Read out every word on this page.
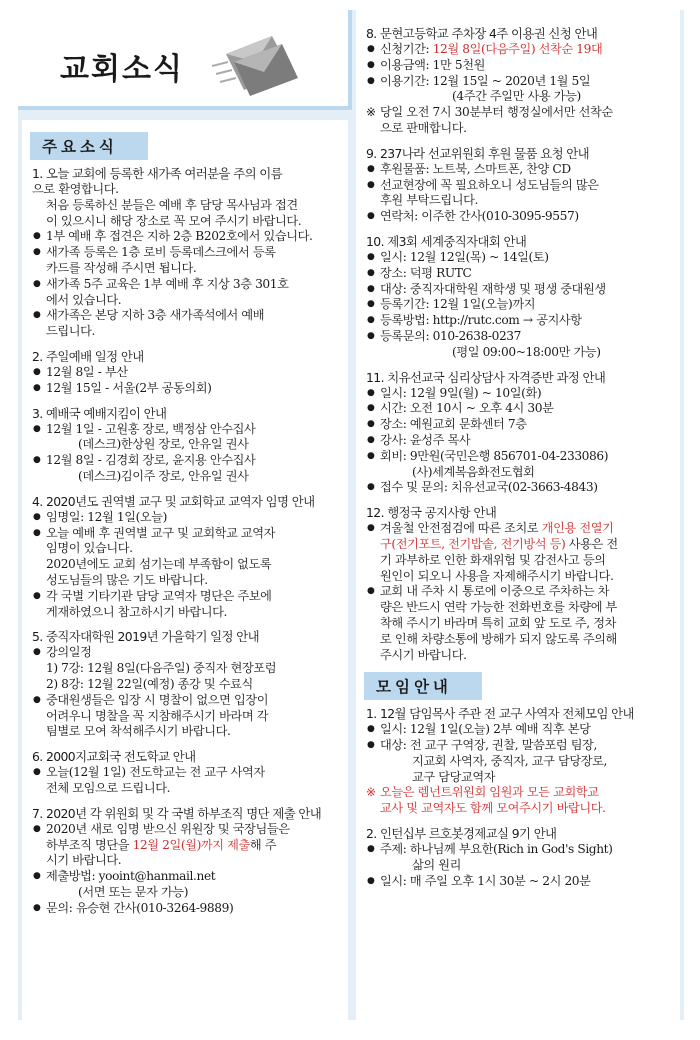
교회소식
주요소식
1. 오늘 교회에 등록한 새가족 여러분을 주의 이름
으로 환영합니다.
처음 등록하신 분들은 예배 후 담당 목사님과 접견
이 있으시니 해당 장소로 꼭 모여 주시기 바랍니다.
● 1부 예배 후 접견은 지하 2층 B202호에서 있습니다.
● 새가족 등록은 1층 로비 등록데스크에서 등록
카드를 작성해 주시면 됩니다.
● 새가족 5주 교육은 1부 예배 후 지상 3층 301호
에서 있습니다.
● 새가족은 본당 지하 3층 새가족석에서 예배
드립니다.
2. 주일예배 일정 안내
● 12월 8일 - 부산
● 12월 15일 - 서울(2부 공동의회)
3. 예배국 예배지킴이 안내
● 12월 1일 - 고원홍 장로, 백정삼 안수집사
(데스크)한상원 장로, 안유일 권사
● 12월 8일 - 김경회 장로, 윤지용 안수집사
(데스크)김이주 장로, 안유일 권사
4. 2020년도 권역별 교구 및 교회학교 교역자 임명 안내
● 임명일: 12월 1일(오늘)
● 오늘 예배 후 권역별 교구 및 교회학교 교역자
임명이 있습니다.
2020년에도 교회 섬기는데 부족함이 없도록
성도님들의 많은 기도 바랍니다.
● 각 국별 기타기관 담당 교역자 명단은 주보에
게재하였으니 참고하시기 바랍니다.
5. 중직자대학원 2019년 가을학기 일정 안내
● 강의일정
1) 7강: 12월 8일(다음주일) 중직자 현장포럼
2) 8강: 12월 22일(예정) 종강 및 수료식
● 중대원생들은 입장 시 명찰이 없으면 입장이
어려우니 명찰을 꼭 지참해주시기 바라며 각
팀별로 모여 착석해주시기 바랍니다.
6. 2000지교회국 전도학교 안내
● 오늘(12월 1일) 전도학교는 전 교구 사역자
전체 모임으로 드립니다.
7. 2020년 각 위원회 및 각 국별 하부조직 명단 제출 안내
● 2020년 새로 임명 받으신 위원장 및 국장님들은
하부조직 명단을 12월 2일(월)까지 제출해 주
시기 바랍니다.
● 제출방법: yooint@hanmail.net
(서면 또는 문자 가능)
● 문의: 유승현 간사(010-3264-9889)
8. 문현고등학교 주차장 4주 이용권 신청 안내
● 신청기간: 12월 8일(다음주일) 선착순 19대
● 이용금액: 1만 5천원
● 이용기간: 12월 15일 ~ 2020년 1월 5일
(4주간 주일만 사용 가능)
※ 당일 오전 7시 30분부터 행정실에서만 선착순
으로 판매합니다.
9. 237나라 선교위원회 후원 물품 요청 안내
● 후원물품: 노트북, 스마트폰, 찬양 CD
● 선교현장에 꼭 필요하오니 성도님들의 많은
후원 부탁드립니다.
● 연락처: 이주한 간사(010-3095-9557)
10. 제3회 세계중직자대회 안내
● 일시: 12월 12일(목) ~ 14일(토)
● 장소: 덕평 RUTC
● 대상: 중직자대학원 재학생 및 평생 중대원생
● 등록기간: 12월 1일(오늘)까지
● 등록방법: http://rutc.com → 공지사항
● 등록문의: 010-2638-0237
(평일 09:00~18:00만 가능)
11. 치유선교국 심리상담사 자격증반 과정 안내
● 일시: 12월 9일(월) ~ 10일(화)
● 시간: 오전 10시 ~ 오후 4시 30분
● 장소: 예원교회 문화센터 7층
● 강사: 윤성주 목사
● 회비: 9만원(국민은행 856701-04-233086)
(사)세계복음화전도협회
● 접수 및 문의: 치유선교국(02-3663-4843)
12. 행정국 공지사항 안내
● 겨울철 안전점검에 따른 조치로 개인용 전열기
구(전기포트, 전기밥솥, 전기방석 등) 사용은 전
기 과부하로 인한 화재위험 및 감전사고 등의
원인이 되오니 사용을 자제해주시기 바랍니다.
● 교회 내 주차 시 통로에 이중으로 주차하는 차
량은 반드시 연락 가능한 전화번호를 차량에 부
착해 주시기 바라며 특히 교회 앞 도로 주, 정차
로 인해 차량소통에 방해가 되지 않도록 주의해
주시기 바랍니다.
모임안내
1. 12월 담임목사 주관 전 교구 사역자 전체모임 안내
● 일시: 12월 1일(오늘) 2부 예배 직후 본당
● 대상: 전 교구 구역장, 권찰, 말씀포럼 팀장,
지교회 사역자, 중직자, 교구 담당장로,
교구 담당교역자
※ 오늘은 렘넌트위원회 임원과 모든 교회학교
교사 및 교역자도 함께 모여주시기 바랍니다.
2. 인턴십부 르호봇경제교실 9기 안내
● 주제: 하나님께 부요한(Rich in God's Sight)
삶의 원리
● 일시: 매 주일 오후 1시 30분 ~ 2시 20분
